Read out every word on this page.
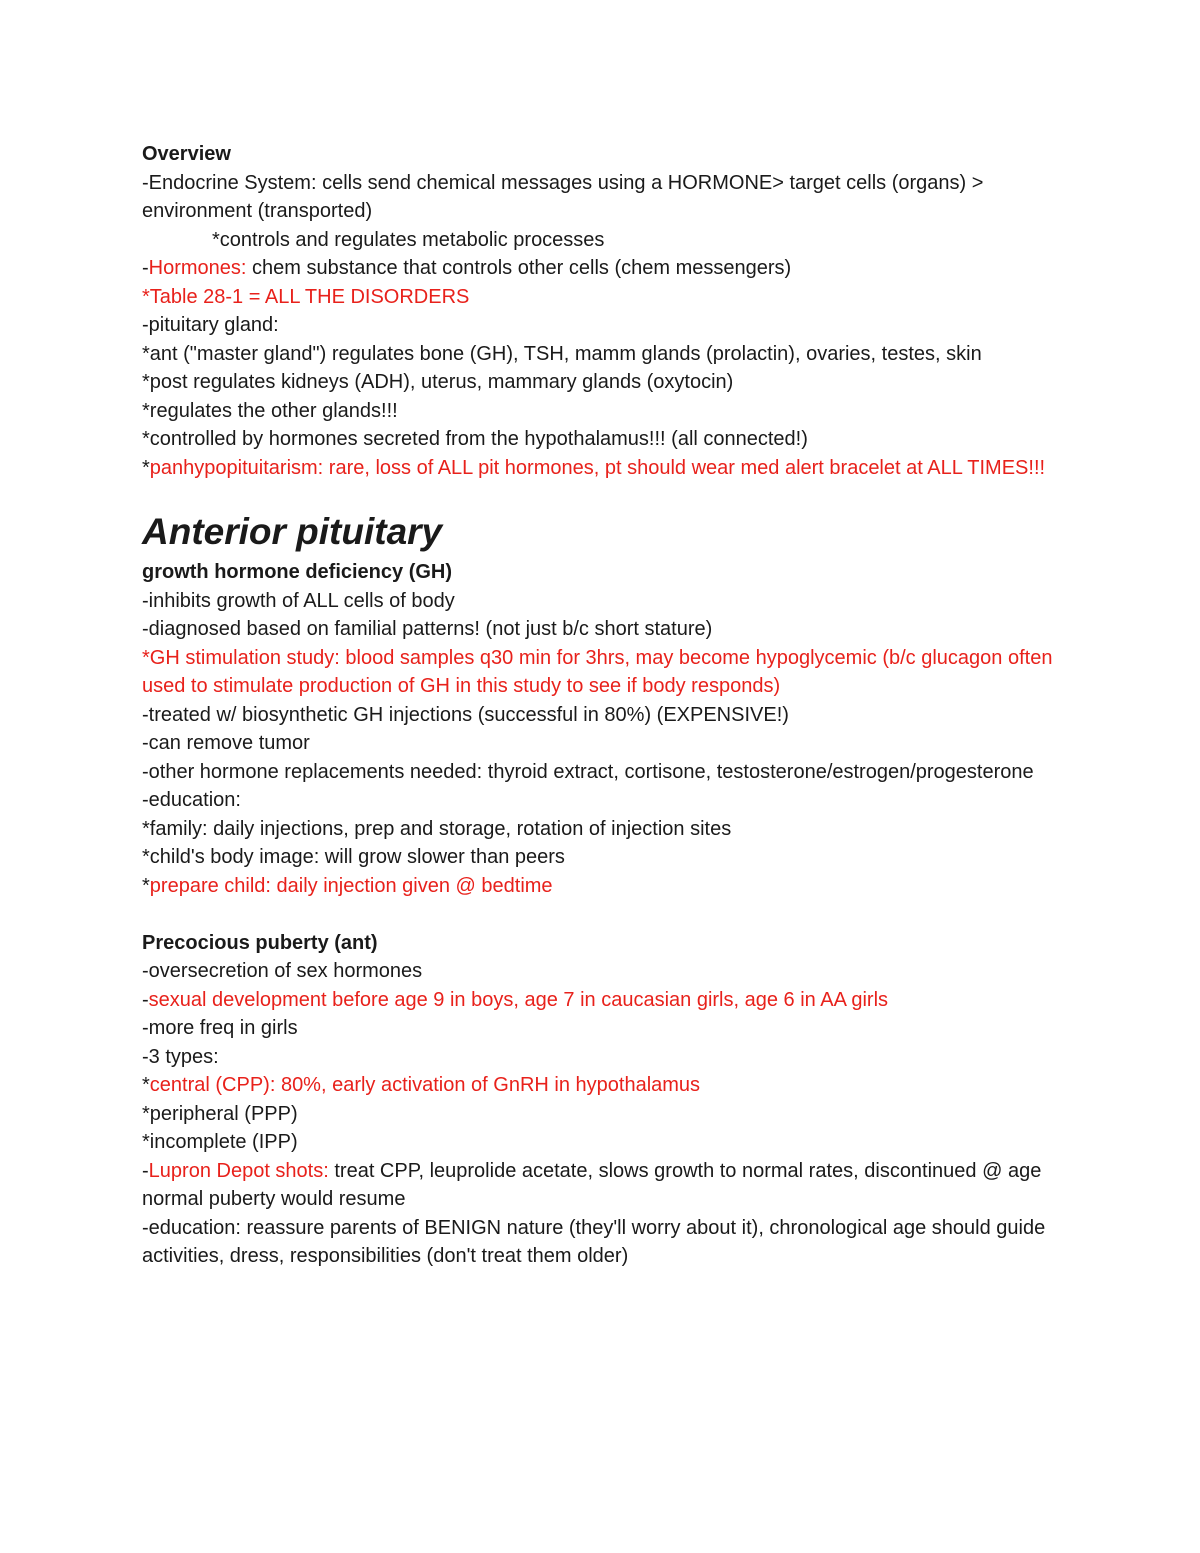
Overview
-Endocrine System: cells send chemical messages using a HORMONE> target cells (organs) > environment (transported)
*controls and regulates metabolic processes
-Hormones: chem substance that controls other cells (chem messengers)
*Table 28-1 = ALL THE DISORDERS
-pituitary gland:
*ant ("master gland") regulates bone (GH), TSH, mamm glands (prolactin), ovaries, testes, skin
*post regulates kidneys (ADH), uterus, mammary glands (oxytocin)
*regulates the other glands!!!
*controlled by hormones secreted from the hypothalamus!!! (all connected!)
*panhypopituitarism: rare, loss of ALL pit hormones, pt should wear med alert bracelet at ALL TIMES!!!
Anterior pituitary
growth hormone deficiency (GH)
-inhibits growth of ALL cells of body
-diagnosed based on familial patterns! (not just b/c short stature)
*GH stimulation study: blood samples q30 min for 3hrs, may become hypoglycemic (b/c glucagon often used to stimulate production of GH in this study to see if body responds)
-treated w/ biosynthetic GH injections (successful in 80%) (EXPENSIVE!)
-can remove tumor
-other hormone replacements needed: thyroid extract, cortisone, testosterone/estrogen/progesterone
-education:
*family: daily injections, prep and storage, rotation of injection sites
*child's body image: will grow slower than peers
*prepare child: daily injection given @ bedtime
Precocious puberty (ant)
-oversecretion of sex hormones
-sexual development before age 9 in boys, age 7 in caucasian girls, age 6 in AA girls
-more freq in girls
-3 types:
*central (CPP): 80%, early activation of GnRH in hypothalamus
*peripheral (PPP)
*incomplete (IPP)
-Lupron Depot shots: treat CPP, leuprolide acetate, slows growth to normal rates, discontinued @ age normal puberty would resume
-education: reassure parents of BENIGN nature (they'll worry about it), chronological age should guide activities, dress, responsibilities (don't treat them older)
